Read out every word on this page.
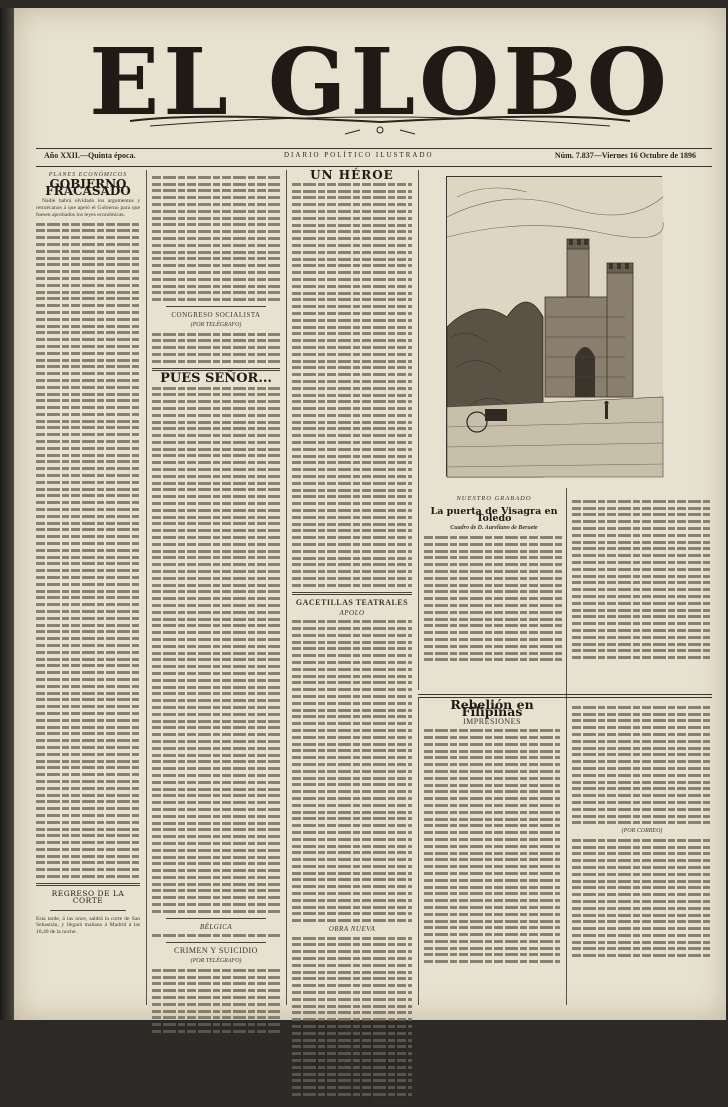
EL GLOBO
Año XXII.—Quinta época.	DIARIO POLÍTICO ILUSTRADO	Núm. 7.837—Viernes 16 Octubre de 1896
PLANES ECONÓMICOS
GOBIERNO FRACASADO
Nadie habrá olvidado los argumentos y retruécanos á que apeló el Gobierno para que fuesen aprobados los leyes económicas.
REGRESO DE LA CORTE
Esta tarde, á las once, saldrá la corte de San Sebastián, y llegará mañana á Madrid á las 10,40 de la noche.
CONGRESO SOCIALISTA
(POR TELÉGRAFO)
PUES SEÑOR...
BÉLGICA
CRIMEN Y SUICIDIO
(POR TELÉGRAFO)
UN HÉROE
GACETILLAS TEATRALES
APOLO
OBRA NUEVA
JUAN FALCINO.
NUESTRO GRABADO
La puerta de Visagra en Toledo
Cuadro de D. Aureliano de Beruete
Rebelión en Filipinas
IMPRESIONES
(POR CORREO)
